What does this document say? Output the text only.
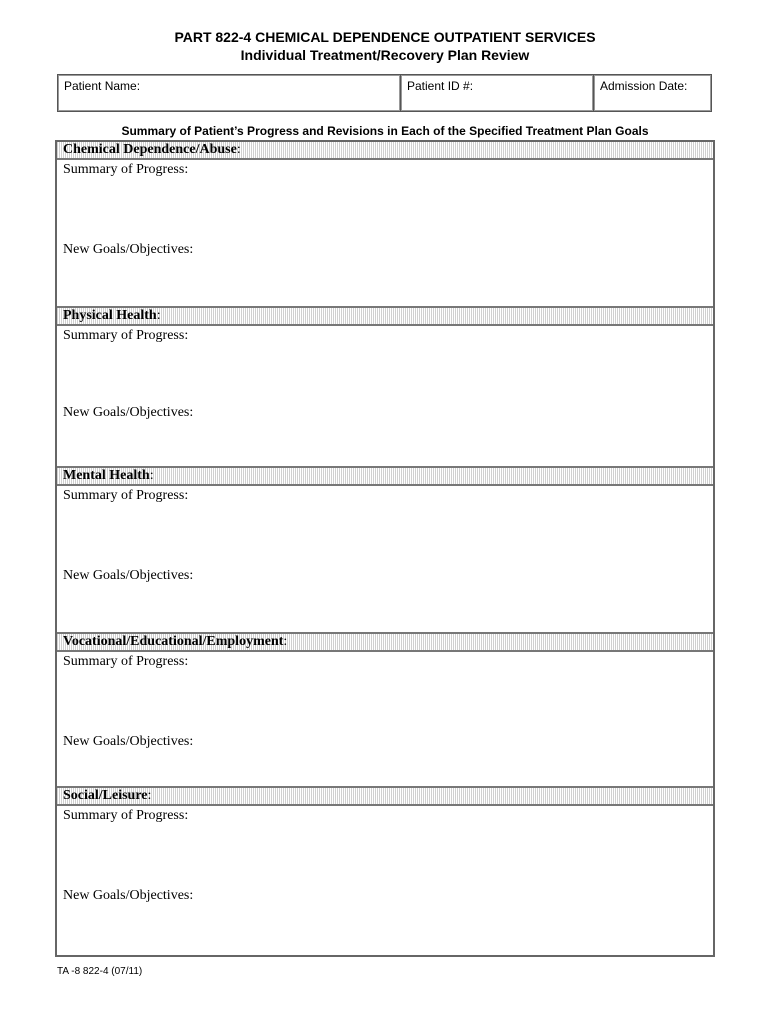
PART 822-4 CHEMICAL DEPENDENCE OUTPATIENT SERVICES
Individual Treatment/Recovery Plan Review
Patient Name:	Patient ID #:	Admission Date:
Summary of Patient’s Progress and Revisions in Each of the Specified Treatment Plan Goals
Chemical Dependence/Abuse:
Summary of Progress:
New Goals/Objectives:
Physical Health:
Summary of Progress:
New Goals/Objectives:
Mental Health:
Summary of Progress:
New Goals/Objectives:
Vocational/Educational/Employment:
Summary of Progress:
New Goals/Objectives:
Social/Leisure:
Summary of Progress:
New Goals/Objectives:
TA -8 822-4 (07/11)
